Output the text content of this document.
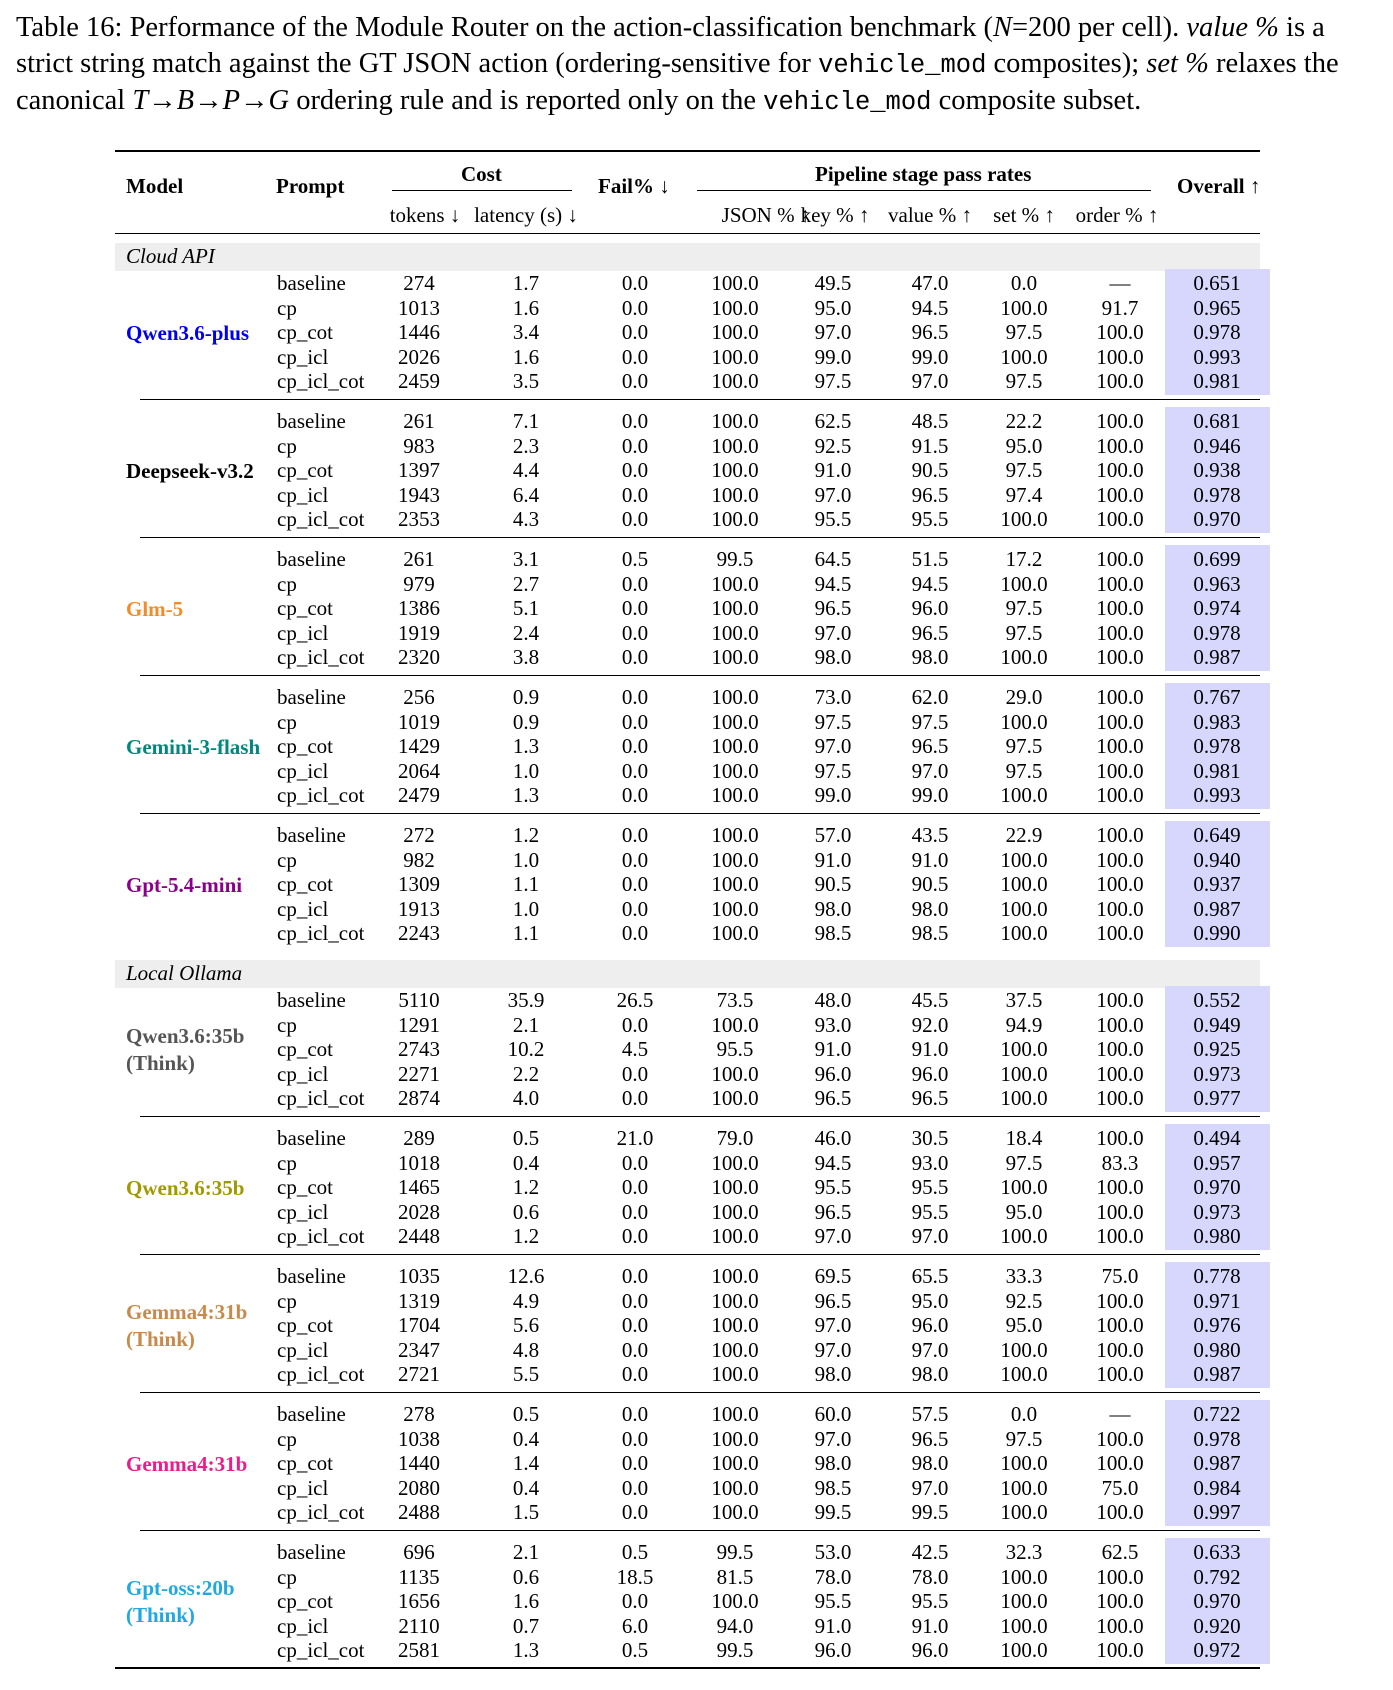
Table 16: Performance of the Module Router on the action-classification benchmark (N=200 per cell). value % is a strict string match against the GT JSON action (ordering-sensitive for vehicle_mod composites); set % relaxes the canonical T→B→P→G ordering rule and is reported only on the vehicle_mod composite subset.
Model	Prompt	Cost	Fail% ↓	Pipeline stage pass rates	Overall ↑
tokens ↓ latency (s) ↓	JSON % ↑
key % ↑ value % ↑ set % ↑ order % ↑
Cloud API
Qwen3.6-plus
baseline	274	1.7	0.0	100.0	49.5	47.0	0.0	—	0.651
cp	1013	1.6	0.0	100.0	95.0	94.5 100.0	91.7	0.965
cp_cot	1446	3.4	0.0	100.0	97.0	96.5	97.5	100.0 0.978
cp_icl	2026	1.6	0.0	100.0	99.0	99.0 100.0 100.0 0.993
cp_icl_cot 2459	3.5	0.0	100.0	97.5	97.0	97.5	100.0 0.981
Deepseek-v3.2
baseline	261	7.1	0.0	100.0	62.5	48.5	22.2	100.0 0.681
cp	983	2.3	0.0	100.0	92.5	91.5	95.0	100.0 0.946
cp_cot	1397	4.4	0.0	100.0	91.0	90.5	97.5	100.0 0.938
cp_icl	1943	6.4	0.0	100.0	97.0	96.5	97.4	100.0 0.978
cp_icl_cot 2353	4.3	0.0	100.0	95.5	95.5 100.0 100.0 0.970
Glm-5
baseline	261	3.1	0.5	99.5	64.5	51.5	17.2	100.0 0.699
cp	979	2.7	0.0	100.0	94.5	94.5 100.0 100.0 0.963
cp_cot	1386	5.1	0.0	100.0	96.5	96.0	97.5	100.0 0.974
cp_icl	1919	2.4	0.0	100.0	97.0	96.5	97.5	100.0 0.978
cp_icl_cot 2320	3.8	0.0	100.0	98.0	98.0 100.0 100.0 0.987
Gemini-3-flash
baseline	256	0.9	0.0	100.0	73.0	62.0	29.0	100.0 0.767
cp	1019	0.9	0.0	100.0	97.5	97.5 100.0 100.0 0.983
cp_cot	1429	1.3	0.0	100.0	97.0	96.5	97.5	100.0 0.978
cp_icl	2064	1.0	0.0	100.0	97.5	97.0	97.5	100.0 0.981
cp_icl_cot 2479	1.3	0.0	100.0	99.0	99.0 100.0 100.0 0.993
Gpt-5.4-mini
baseline	272	1.2	0.0	100.0	57.0	43.5	22.9	100.0 0.649
cp	982	1.0	0.0	100.0	91.0	91.0 100.0 100.0 0.940
cp_cot	1309	1.1	0.0	100.0	90.5	90.5 100.0 100.0 0.937
cp_icl	1913	1.0	0.0	100.0	98.0	98.0 100.0 100.0 0.987
cp_icl_cot 2243	1.1	0.0	100.0	98.5	98.5 100.0 100.0 0.990
Local Ollama
Qwen3.6:35b
(Think)
baseline	5110	35.9	26.5	73.5	48.0	45.5	37.5	100.0 0.552
cp	1291	2.1	0.0	100.0	93.0	92.0	94.9	100.0 0.949
cp_cot	2743	10.2	4.5	95.5	91.0	91.0 100.0 100.0 0.925
cp_icl	2271	2.2	0.0	100.0	96.0	96.0 100.0 100.0 0.973
cp_icl_cot 2874	4.0	0.0	100.0	96.5	96.5 100.0 100.0 0.977
Qwen3.6:35b
baseline	289	0.5	21.0	79.0	46.0	30.5	18.4	100.0 0.494
cp	1018	0.4	0.0	100.0	94.5	93.0	97.5	83.3	0.957
cp_cot	1465	1.2	0.0	100.0	95.5	95.5 100.0 100.0 0.970
cp_icl	2028	0.6	0.0	100.0	96.5	95.5	95.0	100.0 0.973
cp_icl_cot 2448	1.2	0.0	100.0	97.0	97.0 100.0 100.0 0.980
Gemma4:31b
(Think)
baseline 1035	12.6	0.0	100.0	69.5	65.5	33.3	75.0	0.778
cp	1319	4.9	0.0	100.0	96.5	95.0	92.5	100.0 0.971
cp_cot	1704	5.6	0.0	100.0	97.0	96.0	95.0	100.0 0.976
cp_icl	2347	4.8	0.0	100.0	97.0	97.0 100.0 100.0 0.980
cp_icl_cot 2721	5.5	0.0	100.0	98.0	98.0 100.0 100.0 0.987
Gemma4:31b
baseline	278	0.5	0.0	100.0	60.0	57.5	0.0	—	0.722
cp	1038	0.4	0.0	100.0	97.0	96.5	97.5	100.0 0.978
cp_cot	1440	1.4	0.0	100.0	98.0	98.0 100.0 100.0 0.987
cp_icl	2080	0.4	0.0	100.0	98.5	97.0 100.0	75.0	0.984
cp_icl_cot 2488	1.5	0.0	100.0	99.5	99.5 100.0 100.0 0.997
Gpt-oss:20b
(Think)
baseline	696	2.1	0.5	99.5	53.0	42.5	32.3	62.5	0.633
cp	1135	0.6	18.5	81.5	78.0	78.0 100.0 100.0 0.792
cp_cot	1656	1.6	0.0	100.0	95.5	95.5 100.0 100.0 0.970
cp_icl	2110	0.7	6.0	94.0	91.0	91.0 100.0 100.0 0.920
cp_icl_cot 2581	1.3	0.5	99.5	96.0	96.0 100.0 100.0 0.972
